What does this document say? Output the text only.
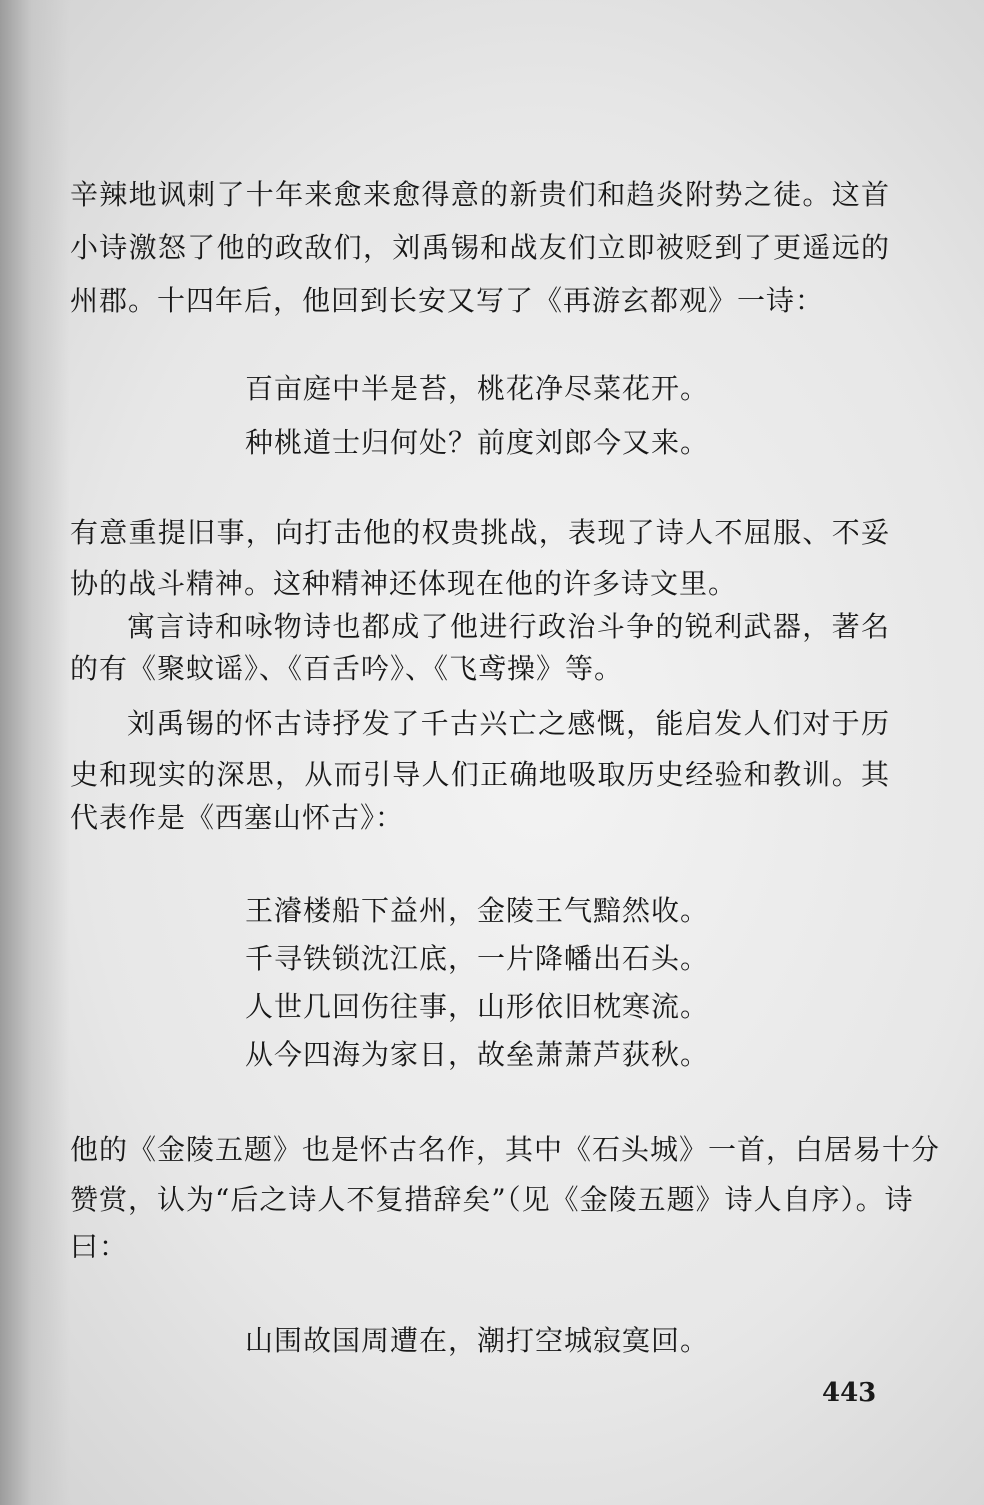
辛辣地讽刺了十年来愈来愈得意的新贵们和趋炎附势之徒。这首
小诗激怒了他的政敌们，刘禹锡和战友们立即被贬到了更遥远的
州郡。十四年后，他回到长安又写了《再游玄都观》一诗：
百亩庭中半是苔，桃花净尽菜花开。
种桃道士归何处？前度刘郎今又来。
有意重提旧事，向打击他的权贵挑战，表现了诗人不屈服、不妥
协的战斗精神。这种精神还体现在他的许多诗文里。
寓言诗和咏物诗也都成了他进行政治斗争的锐利武器，著名
的有《聚蚊谣》、《百舌吟》、《飞鸢操》等。
刘禹锡的怀古诗抒发了千古兴亡之感慨，能启发人们对于历
史和现实的深思，从而引导人们正确地吸取历史经验和教训。其
代表作是《西塞山怀古》：
王濬楼船下益州，金陵王气黯然收。
千寻铁锁沈江底，一片降幡出石头。
人世几回伤往事，山形依旧枕寒流。
从今四海为家日，故垒萧萧芦荻秋。
他的《金陵五题》也是怀古名作，其中《石头城》一首，白居易十分
赞赏，认为“后之诗人不复措辞矣”（见《金陵五题》诗人自序）。诗
曰：
山围故国周遭在，潮打空城寂寞回。
443
